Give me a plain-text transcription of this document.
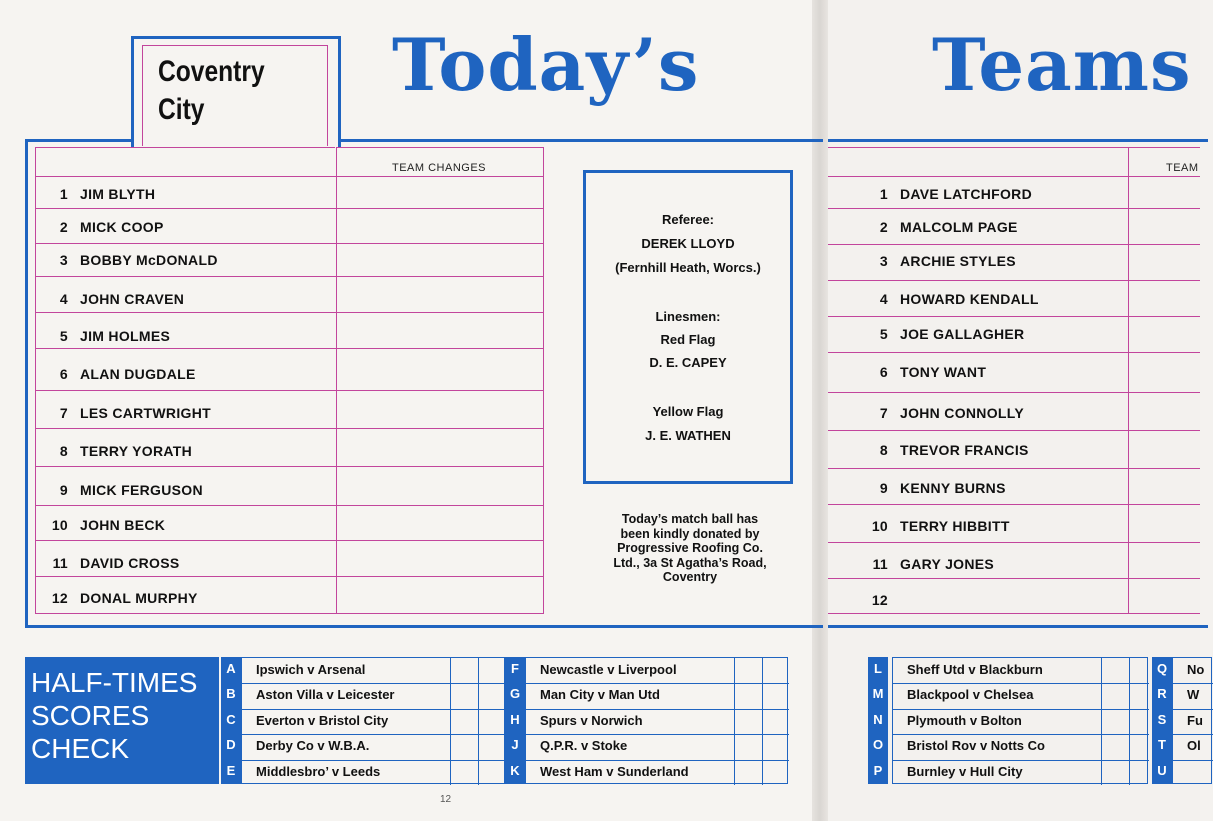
Today’s	Teams
Coventry
City
TEAM CHANGES
1 JIM BLYTH
2 MICK COOP
3 BOBBY McDONALD
4 JOHN CRAVEN
5 JIM HOLMES
6 ALAN DUGDALE
7 LES CARTWRIGHT
8 TERRY YORATH
9 MICK FERGUSON
10 JOHN BECK
11 DAVID CROSS
12 DONAL MURPHY
TEAM
1 DAVE LATCHFORD
2 MALCOLM PAGE
3 ARCHIE STYLES
4 HOWARD KENDALL
5 JOE GALLAGHER
6 TONY WANT
7 JOHN CONNOLLY
8 TREVOR FRANCIS
9 KENNY BURNS
10 TERRY HIBBITT
11 GARY JONES
12
Referee:
DEREK LLOYD
(Fernhill Heath, Worcs.)
Linesmen:
Red Flag
D. E. CAPEY
Yellow Flag
J. E. WATHEN
Today’s match ball has
been kindly donated by
Progressive Roofing Co.
Ltd., 3a St Agatha’s Road,
Coventry
HALF-TIMES
SCORES
CHECK
A
B
C
D
E
Ipswich v Arsenal
Aston Villa v Leicester
Everton v Bristol City
Derby Co v W.B.A.
Middlesbro’ v Leeds
F
G
H
J
K
Newcastle v Liverpool
Man City v Man Utd
Spurs v Norwich
Q.P.R. v Stoke
West Ham v Sunderland
L
M
N
O
P
Sheff Utd v Blackburn
Blackpool v Chelsea
Plymouth v Bolton
Bristol Rov v Notts Co
Burnley v Hull City
Q
R
S
T
U
No
W
Fu
Ol
12
